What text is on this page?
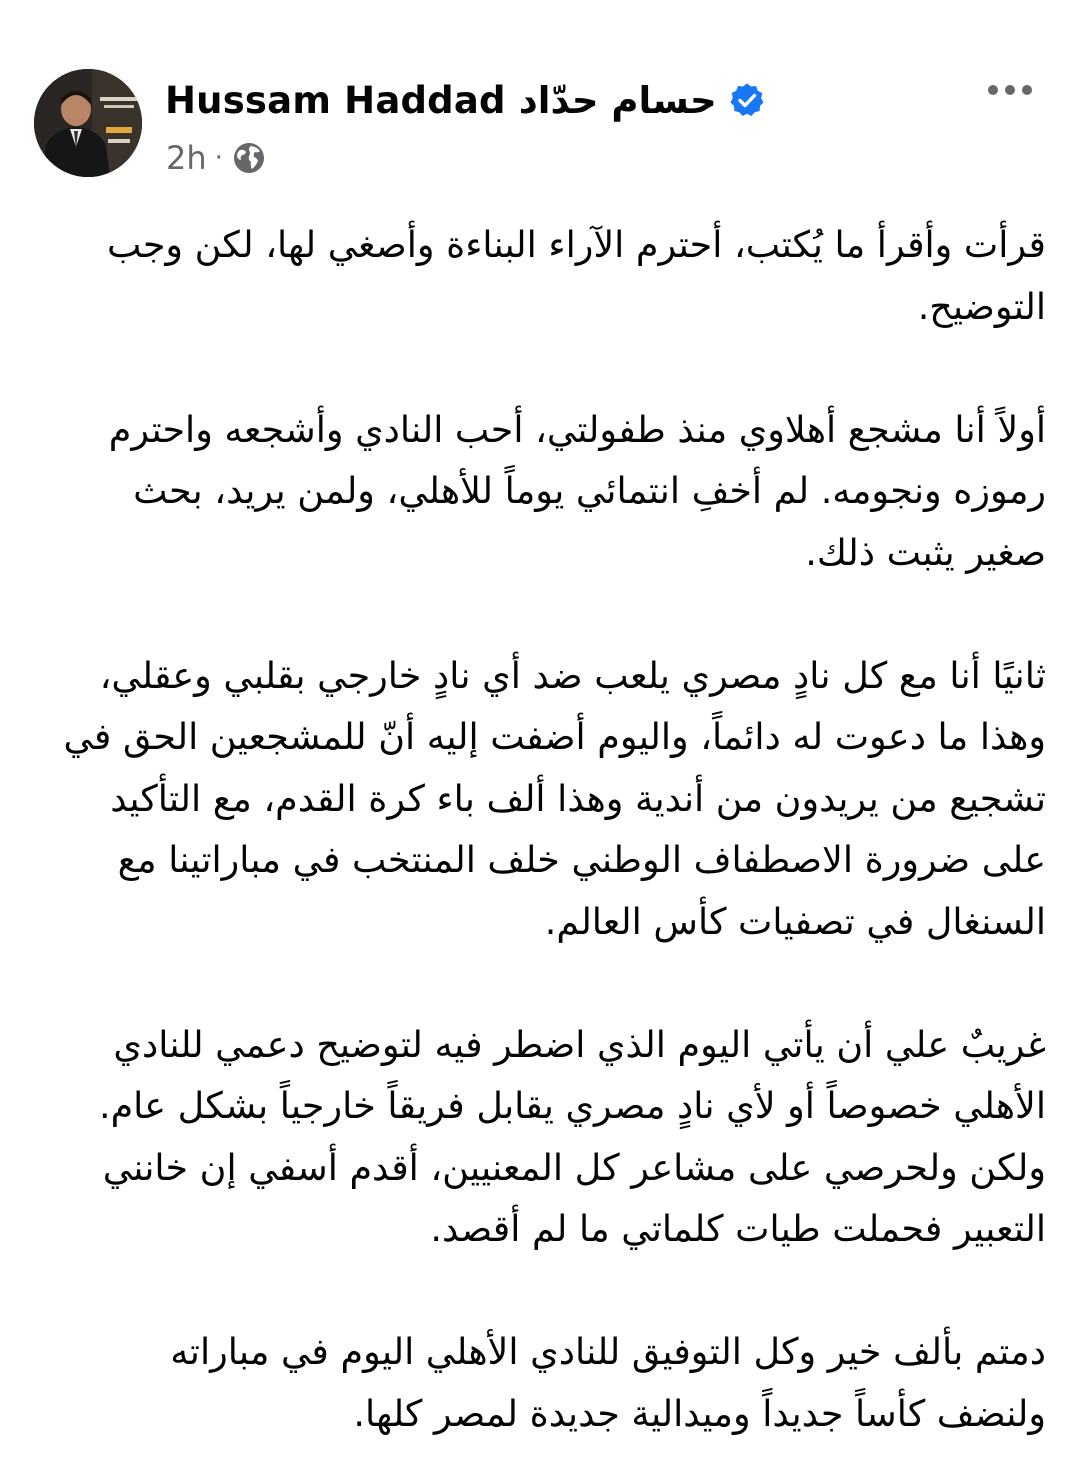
Hussam Haddad حسام حدّاد
2h ·

قرأت وأقرأ ما يُكتب، أحترم الآراء البناءة وأصغي لها، لكن وجب
التوضيح.

أولاً أنا مشجع أهلاوي منذ طفولتي، أحب النادي وأشجعه واحترم
رموزه ونجومه. لم أخفِ انتمائي يوماً للأهلي، ولمن يريد، بحث
صغير يثبت ذلك.

ثانيًا أنا مع كل نادٍ مصري يلعب ضد أي نادٍ خارجي بقلبي وعقلي،
وهذا ما دعوت له دائماً، واليوم أضفت إليه أنّ للمشجعين الحق في
تشجيع من يريدون من أندية وهذا ألف باء كرة القدم، مع التأكيد
على ضرورة الاصطفاف الوطني خلف المنتخب في مباراتينا مع
السنغال في تصفيات كأس العالم.

غريبٌ علي أن يأتي اليوم الذي اضطر فيه لتوضيح دعمي للنادي
الأهلي خصوصاً أو لأي نادٍ مصري يقابل فريقاً خارجياً بشكل عام.
ولكن ولحرصي على مشاعر كل المعنيين، أقدم أسفي إن خانني
التعبير فحملت طيات كلماتي ما لم أقصد.

دمتم بألف خير وكل التوفيق للنادي الأهلي اليوم في مباراته
ولنضف كأساً جديداً وميدالية جديدة لمصر كلها.
